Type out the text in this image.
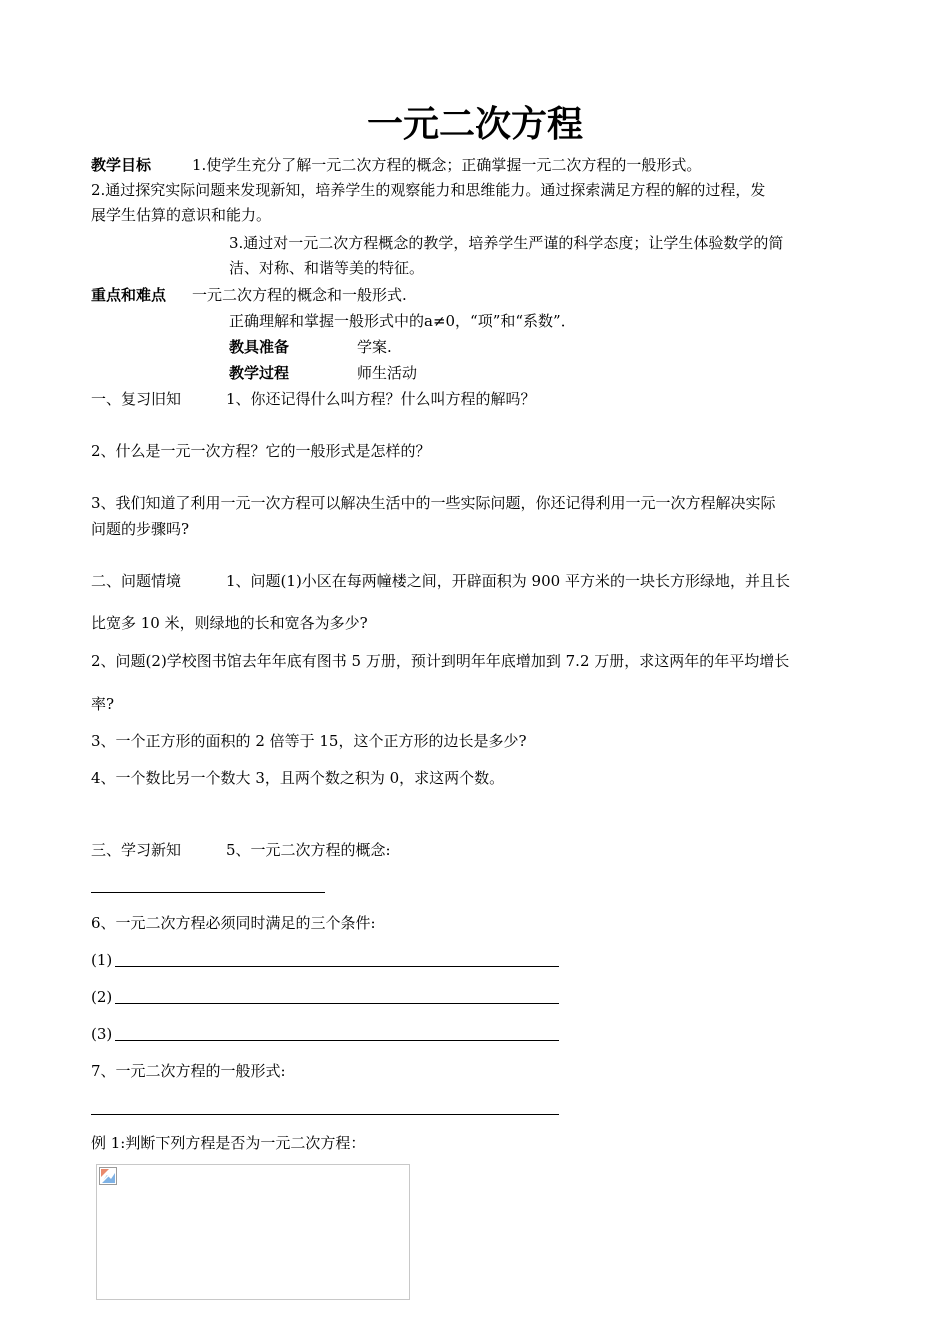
一元二次方程
教学目标	1.使学生充分了解一元二次方程的概念；正确掌握一元二次方程的一般形式。
2.通过探究实际问题来发现新知，培养学生的观察能力和思维能力。通过探索满足方程的解的过程，发
展学生估算的意识和能力。
3.通过对一元二次方程概念的教学，培养学生严谨的科学态度；让学生体验数学的简
洁、对称、和谐等美的特征。
重点和难点 一元二次方程的概念和一般形式.
正确理解和掌握一般形式中的a≠0，“项”和“系数”．
教具准备	学案.
教学过程	师生活动
一、复习旧知	1、你还记得什么叫方程？什么叫方程的解吗？
2、什么是一元一次方程？它的一般形式是怎样的？
3、我们知道了利用一元一次方程可以解决生活中的一些实际问题，你还记得利用一元一次方程解决实际
问题的步骤吗?
二、问题情境	1、问题(1)小区在每两幢楼之间，开辟面积为 900 平方米的一块长方形绿地，并且长
比宽多 10 米，则绿地的长和宽各为多少?
2、问题(2)学校图书馆去年年底有图书 5 万册，预计到明年年底增加到 7.2 万册，求这两年的年平均增长
率?
3、一个正方形的面积的 2 倍等于 15，这个正方形的边长是多少?
4、一个数比另一个数大 3，且两个数之积为 0，求这两个数。
三、学习新知	5、一元二次方程的概念:
6、一元二次方程必须同时满足的三个条件:
(1)
(2)
(3)
7、一元二次方程的一般形式:
例 1:判断下列方程是否为一元二次方程：
